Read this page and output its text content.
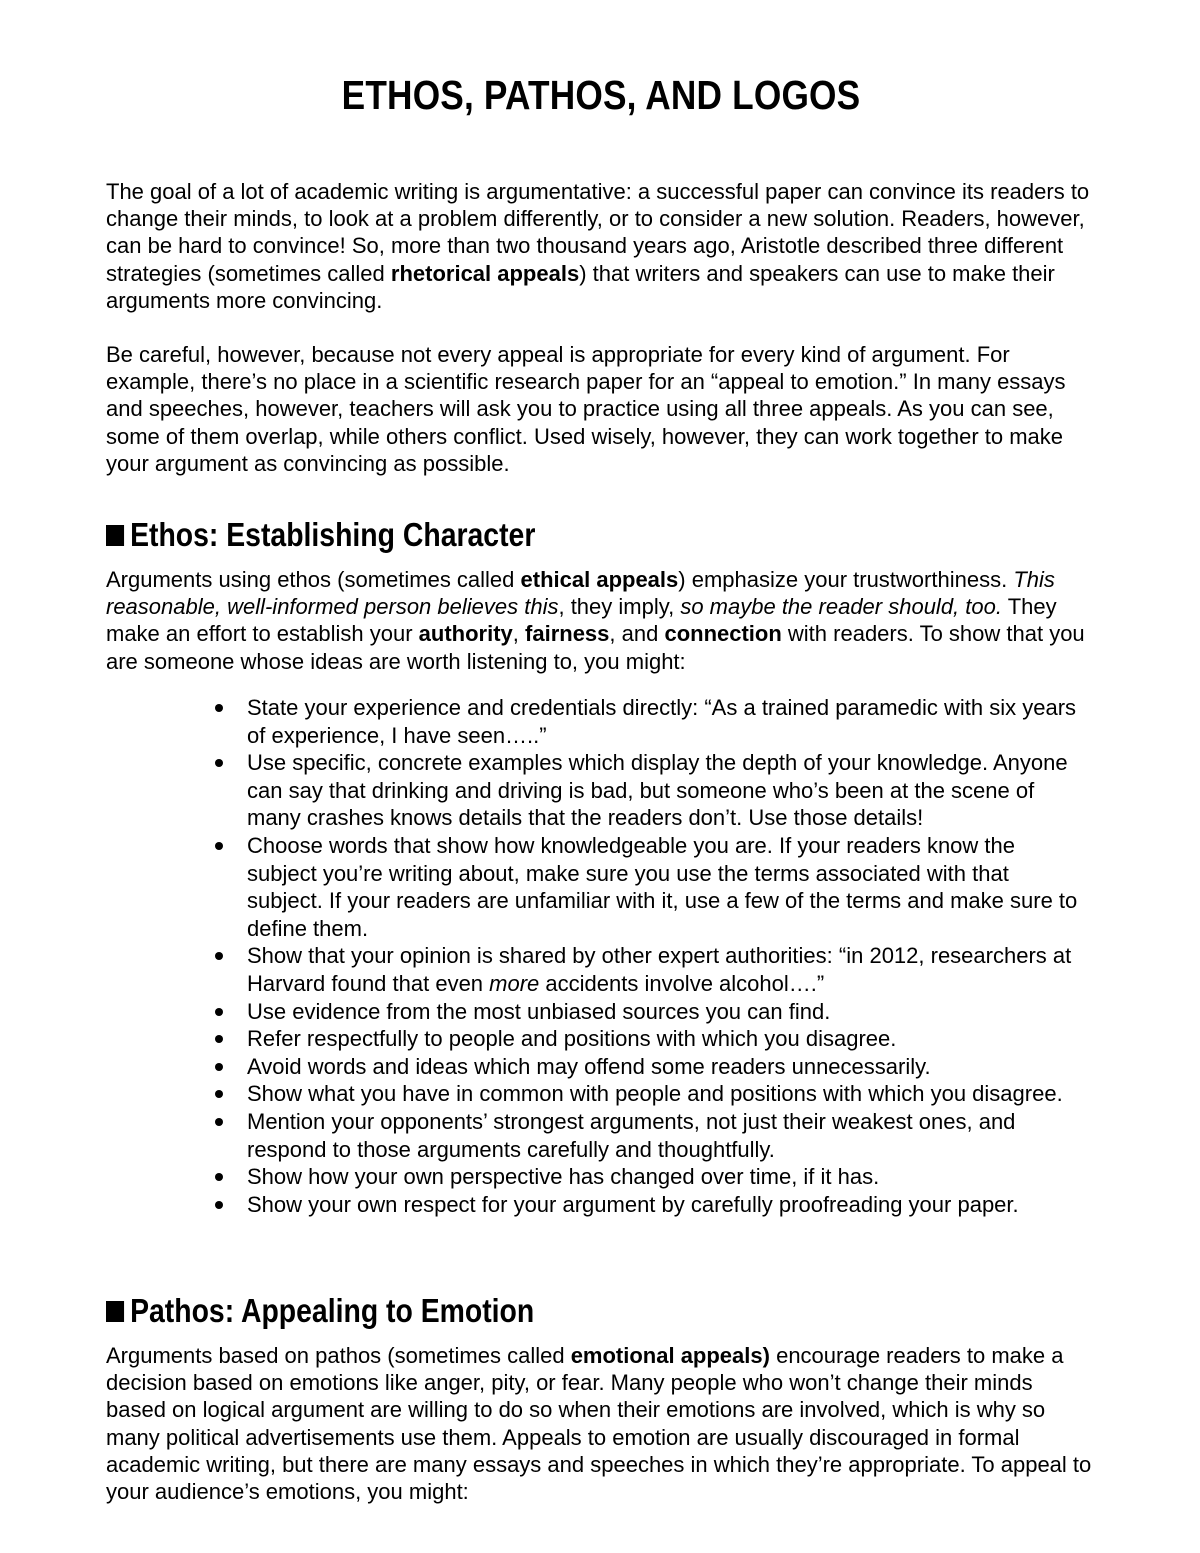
ETHOS, PATHOS, AND LOGOS

The goal of a lot of academic writing is argumentative: a successful paper can convince its readers to change their minds, to look at a problem differently, or to consider a new solution. Readers, however, can be hard to convince! So, more than two thousand years ago, Aristotle described three different strategies (sometimes called rhetorical appeals) that writers and speakers can use to make their arguments more convincing.

Be careful, however, because not every appeal is appropriate for every kind of argument. For example, there’s no place in a scientific research paper for an “appeal to emotion.” In many essays and speeches, however, teachers will ask you to practice using all three appeals. As you can see, some of them overlap, while others conflict. Used wisely, however, they can work together to make your argument as convincing as possible.

Ethos: Establishing Character

Arguments using ethos (sometimes called ethical appeals) emphasize your trustworthiness. This reasonable, well-informed person believes this, they imply, so maybe the reader should, too. They make an effort to establish your authority, fairness, and connection with readers. To show that you are someone whose ideas are worth listening to, you might:

State your experience and credentials directly: “As a trained paramedic with six years of experience, I have seen…..”
Use specific, concrete examples which display the depth of your knowledge. Anyone can say that drinking and driving is bad, but someone who’s been at the scene of many crashes knows details that the readers don’t. Use those details!
Choose words that show how knowledgeable you are. If your readers know the subject you’re writing about, make sure you use the terms associated with that subject. If your readers are unfamiliar with it, use a few of the terms and make sure to define them.
Show that your opinion is shared by other expert authorities: “in 2012, researchers at Harvard found that even more accidents involve alcohol….”
Use evidence from the most unbiased sources you can find.
Refer respectfully to people and positions with which you disagree.
Avoid words and ideas which may offend some readers unnecessarily.
Show what you have in common with people and positions with which you disagree.
Mention your opponents’ strongest arguments, not just their weakest ones, and respond to those arguments carefully and thoughtfully.
Show how your own perspective has changed over time, if it has.
Show your own respect for your argument by carefully proofreading your paper.
Pathos: Appealing to Emotion

Arguments based on pathos (sometimes called emotional appeals) encourage readers to make a decision based on emotions like anger, pity, or fear. Many people who won’t change their minds based on logical argument are willing to do so when their emotions are involved, which is why so many political advertisements use them. Appeals to emotion are usually discouraged in formal academic writing, but there are many essays and speeches in which they’re appropriate. To appeal to your audience’s emotions, you might:
